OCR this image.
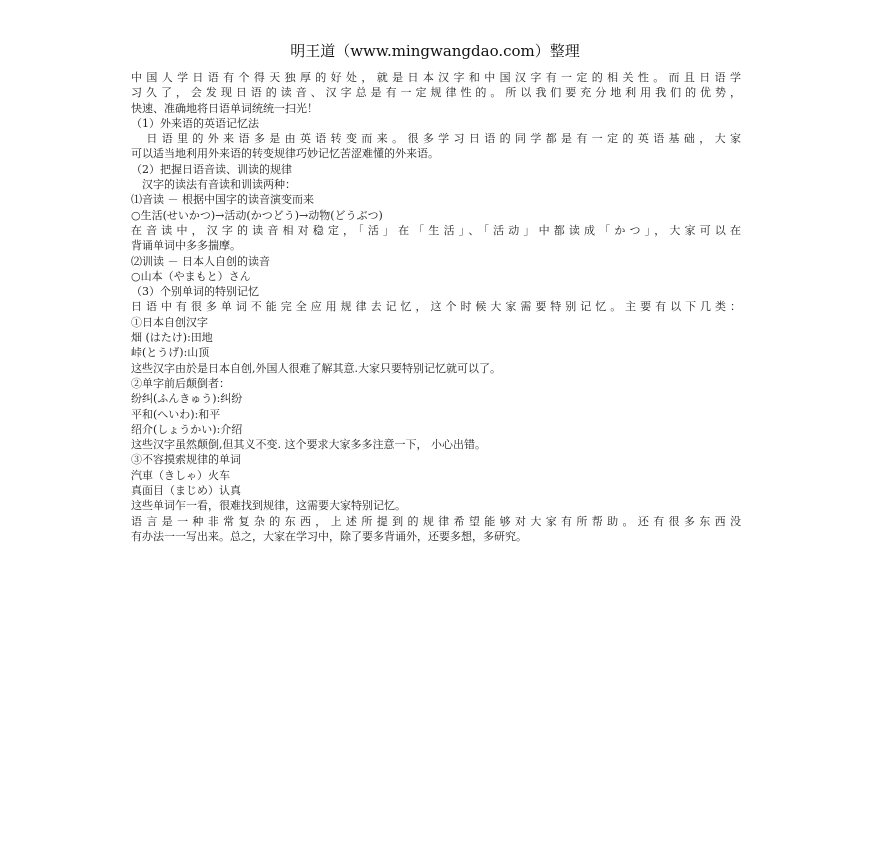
明王道（www.mingwangdao.com）整理
中国人学日语有个得天独厚的好处，就是日本汉字和中国汉字有一定的相关性。而且日语学
习久了，会发现日语的读音、汉字总是有一定规律性的。所以我们要充分地利用我们的优势，
快速、准确地将日语单词统统一扫光！
（1）外来语的英语记忆法
　日语里的外来语多是由英语转变而来。很多学习日语的同学都是有一定的英语基础，大家
可以适当地利用外来语的转变规律巧妙记忆苦涩难懂的外来语。
（2）把握日语音读、训读的规律
　汉字的读法有音读和训读两种：
⑴音读 － 根据中国字的读音演变而来
○生活(せいかつ)→活动(かつどう)→动物(どうぶつ)
在音读中，汉字的读音相对稳定，「活」在「生活」、「活动」中都读成「かつ」，大家可以在
背诵单词中多多揣摩。
⑵训读 － 日本人自创的读音
○山本（やまもと）さん
（3）个别单词的特别记忆
日语中有很多单词不能完全应用规律去记忆，这个时候大家需要特别记忆。主要有以下几类：
①日本自创汉字
畑 (はたけ):田地
峠(とうげ):山顶
这些汉字由於是日本自创,外国人很难了解其意.大家只要特别记忆就可以了。
②单字前后颠倒者：
纷纠(ふんきゅう):纠纷
平和(へいわ):和平
绍介(しょうかい):介绍
这些汉字虽然颠倒,但其义不变. 这个要求大家多多注意一下， 小心出错。
③不容摸索规律的单词
汽車（きしゃ）火车
真面目（まじめ）认真
这些单词乍一看，很难找到规律，这需要大家特别记忆。
语言是一种非常复杂的东西，上述所提到的规律希望能够对大家有所帮助。还有很多东西没
有办法一一写出来。总之，大家在学习中，除了要多背诵外，还要多想，多研究。
